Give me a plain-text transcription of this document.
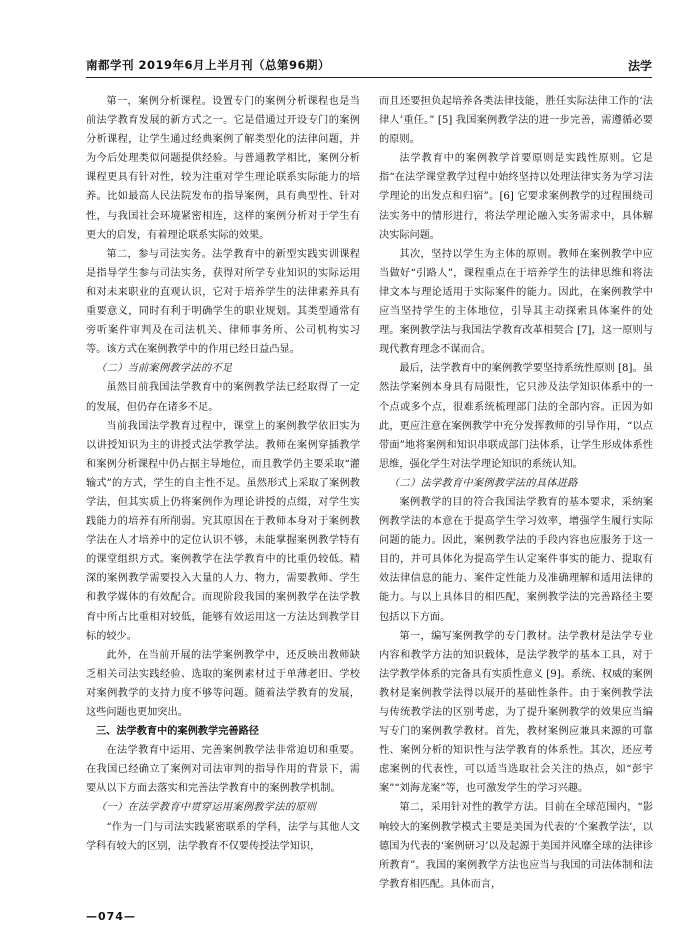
南都学刊 2019年6月上半月刊（总第96期）	法学

第一，案例分析课程。设置专门的案例分析课程也是当前法学教育发展的新方式之一。它是借通过开设专门的案例分析课程，让学生通过经典案例了解类型化的法律问题，并为今后处理类似问题提供经验。与普通教学相比，案例分析课程更具有针对性，较为注重对学生理论联系实际能力的培养。比如最高人民法院发布的指导案例，具有典型性、针对性，与我国社会环境紧密相连，这样的案例分析对于学生有更大的启发，有着理论联系实际的效果。

第二，参与司法实务。法学教育中的新型实践实训课程是指导学生参与司法实务，获得对所学专业知识的实际运用和对未来职业的直观认识，它对于培养学生的法律素养具有重要意义，同时有利于明确学生的职业规划。其类型通常有旁听案件审判及在司法机关、律师事务所、公司机构实习等。该方式在案例教学中的作用已经日益凸显。

（二）当前案例教学法的不足

虽然目前我国法学教育中的案例教学法已经取得了一定的发展，但仍存在诸多不足。

当前我国法学教育过程中，课堂上的案例教学依旧实为以讲授知识为主的讲授式法学教学法。教师在案例穿插教学和案例分析课程中仍占据主导地位，而且教学仍主要采取“灌输式”的方式，学生的自主性不足。虽然形式上采取了案例教学法，但其实质上仍将案例作为理论讲授的点缀，对学生实践能力的培养有所削弱。究其原因在于教师本身对于案例教学法在人才培养中的定位认识不够，未能掌握案例教学特有的课堂组织方式。案例教学在法学教育中的比重仍较低。精深的案例教学需要投入大量的人力、物力，需要教师、学生和教学媒体的有效配合。而现阶段我国的案例教学在法学教育中所占比重相对较低，能够有效运用这一方法达到教学目标的较少。

此外，在当前开展的法学案例教学中，还反映出教师缺乏相关司法实践经验、选取的案例素材过于单薄老旧、学校对案例教学的支持力度不够等问题。随着法学教育的发展，这些问题也更加突出。

三、法学教育中的案例教学完善路径

在法学教育中运用、完善案例教学法非常迫切和重要。在我国已经确立了案例对司法审判的指导作用的背景下，需要从以下方面去落实和完善法学教育中的案例教学机制。

（一）在法学教育中贯穿运用案例教学法的原则

“作为一门与司法实践紧密联系的学科，法学与其他人文学科有较大的区别，法学教育不仅要传授法学知识，

而且还要担负起培养各类法律技能，胜任实际法律工作的‘法律人’重任。” [5] 我国案例教学法的进一步完善，需遵循必要的原则。

法学教育中的案例教学首要原则是实践性原则。它是指“在法学课堂教学过程中始终坚持以处理法律实务为学习法学理论的出发点和归宿”。[6] 它要求案例教学的过程围绕司法实务中的情形进行，将法学理论融入实务需求中，具体解决实际问题。

其次，坚持以学生为主体的原则。教师在案例教学中应当做好“引路人”，课程重点在于培养学生的法律思维和将法律文本与理论适用于实际案件的能力。因此，在案例教学中应当坚持学生的主体地位，引导其主动探索具体案件的处理。案例教学法与我国法学教育改革相契合 [7]，这一原则与现代教育理念不谋而合。

最后，法学教育中的案例教学要坚持系统性原则 [8]。虽然法学案例本身具有局限性，它只涉及法学知识体系中的一个点或多个点，很难系统梳理部门法的全部内容。正因为如此，更应注意在案例教学中充分发挥教师的引导作用，“以点带面”地将案例和知识串联成部门法体系，让学生形成体系性思维，强化学生对法学理论知识的系统认知。

（二）法学教育中案例教学法的具体进路

案例教学的目的符合我国法学教育的基本要求，采纳案例教学法的本意在于提高学生学习效率，增强学生履行实际问题的能力。因此，案例教学法的手段内容也应服务于这一目的，并可具体化为提高学生认定案件事实的能力、提取有效法律信息的能力、案件定性能力及准确理解和适用法律的能力。与以上具体目的相匹配，案例教学法的完善路径主要包括以下方面。

第一，编写案例教学的专门教材。法学教材是法学专业内容和教学方法的知识载体，是法学教学的基本工具，对于法学教学体系的完备具有实质性意义 [9]。系统、权威的案例教材是案例教学法得以展开的基础性条件。由于案例教学法与传统教学法的区别考虑，为了提升案例教学的效果应当编写专门的案例教学教材。首先，教材案例应兼具来源的可靠性、案例分析的知识性与法学教育的体系性。其次，还应考虑案例的代表性，可以适当选取社会关注的热点，如“彭宇案”“刘海龙案”等，也可激发学生的学习兴趣。

第二，采用针对性的教学方法。目前在全球范围内，“影响较大的案例教学模式主要是美国为代表的‘个案教学法’，以德国为代表的‘案例研习’以及起源于美国并风靡全球的法律诊所教育”。我国的案例教学方法也应当与我国的司法体制和法学教育相匹配。具体而言，

—074—
